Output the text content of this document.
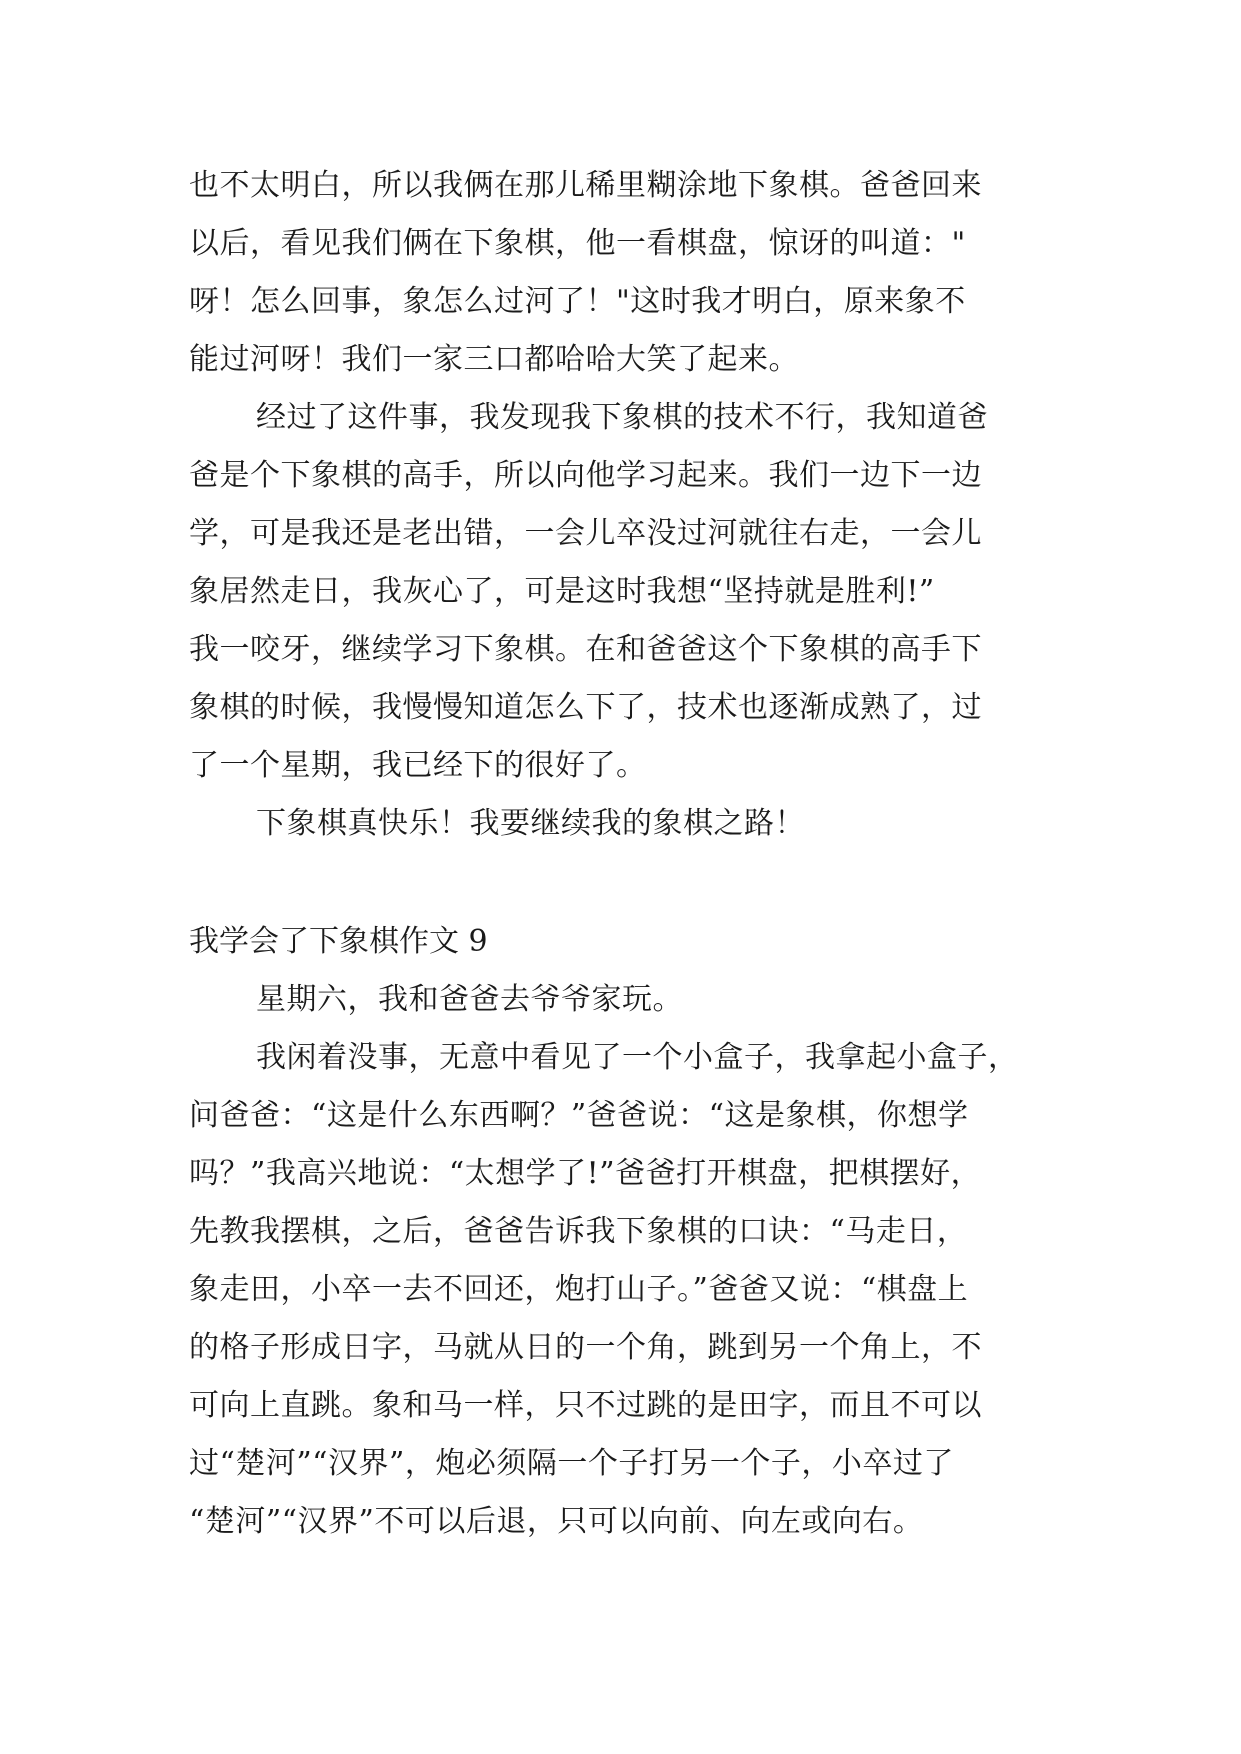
也不太明白，所以我俩在那儿稀里糊涂地下象棋。爸爸回来
以后，看见我们俩在下象棋，他一看棋盘，惊讶的叫道："
呀！怎么回事，象怎么过河了！"这时我才明白，原来象不
能过河呀！我们一家三口都哈哈大笑了起来。
经过了这件事，我发现我下象棋的技术不行，我知道爸
爸是个下象棋的高手，所以向他学习起来。我们一边下一边
学，可是我还是老出错，一会儿卒没过河就往右走，一会儿
象居然走日，我灰心了，可是这时我想“坚持就是胜利!”
我一咬牙，继续学习下象棋。在和爸爸这个下象棋的高手下
象棋的时候，我慢慢知道怎么下了，技术也逐渐成熟了，过
了一个星期，我已经下的很好了。
下象棋真快乐！我要继续我的象棋之路！
我学会了下象棋作文 9
星期六，我和爸爸去爷爷家玩。
我闲着没事，无意中看见了一个小盒子，我拿起小盒子，
问爸爸：“这是什么东西啊？”爸爸说：“这是象棋，你想学
吗？”我高兴地说：“太想学了!”爸爸打开棋盘，把棋摆好，
先教我摆棋，之后，爸爸告诉我下象棋的口诀：“马走日，
象走田，小卒一去不回还，炮打山子。”爸爸又说：“棋盘上
的格子形成日字，马就从日的一个角，跳到另一个角上，不
可向上直跳。象和马一样，只不过跳的是田字，而且不可以
过“楚河”“汉界”，炮必须隔一个子打另一个子，小卒过了
“楚河”“汉界”不可以后退，只可以向前、向左或向右。
